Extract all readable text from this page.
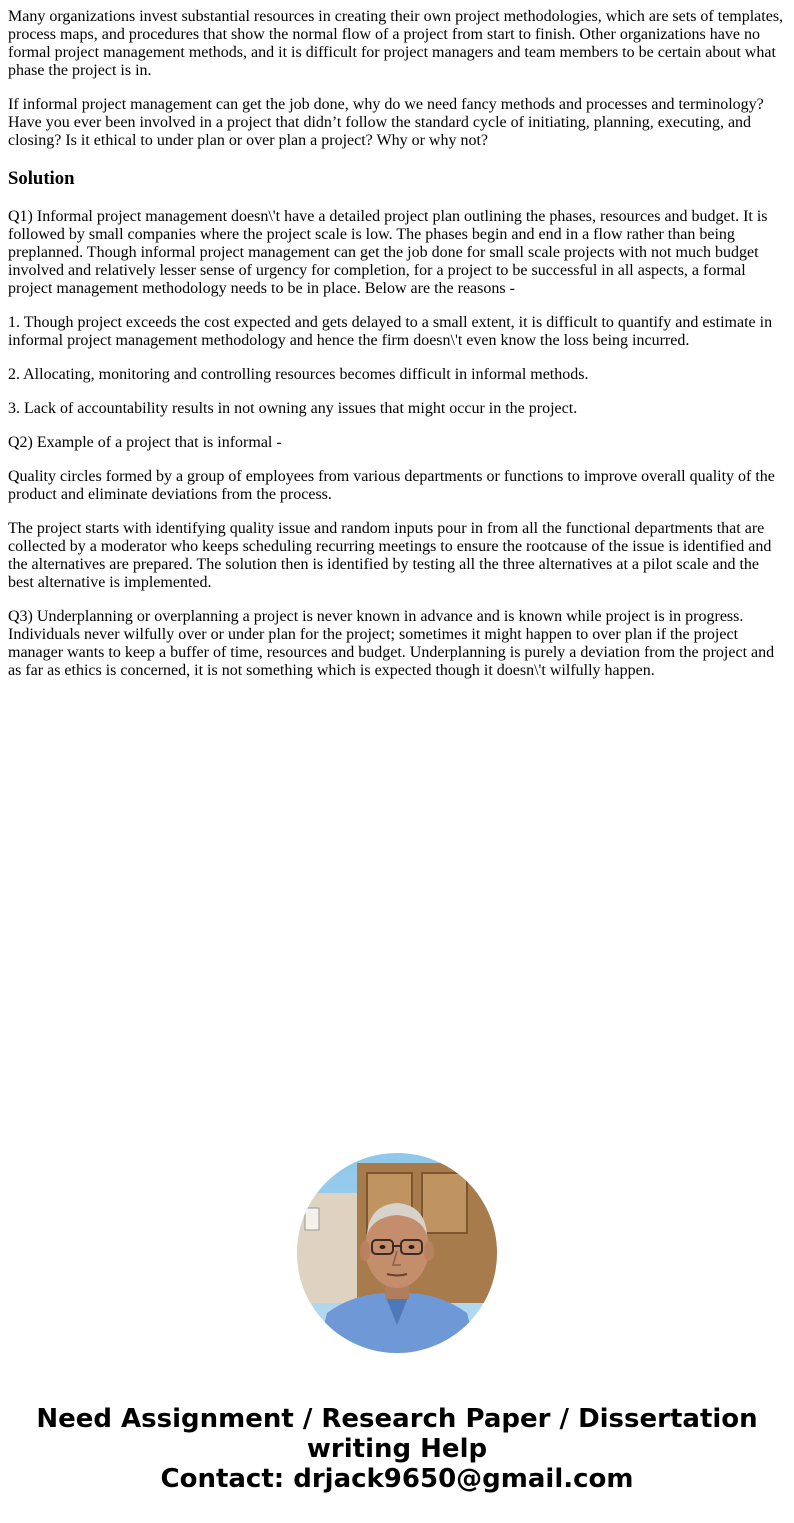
Many organizations invest substantial resources in creating their own project methodologies, which are sets of templates, process maps, and procedures that show the normal flow of a project from start to finish. Other organizations have no formal project management methods, and it is difficult for project managers and team members to be certain about what phase the project is in.

If informal project management can get the job done, why do we need fancy methods and processes and terminology? Have you ever been involved in a project that didn’t follow the standard cycle of initiating, planning, executing, and closing? Is it ethical to under plan or over plan a project? Why or why not?

Solution

Q1) Informal project management doesn\'t have a detailed project plan outlining the phases, resources and budget. It is followed by small companies where the project scale is low. The phases begin and end in a flow rather than being preplanned. Though informal project management can get the job done for small scale projects with not much budget involved and relatively lesser sense of urgency for completion, for a project to be successful in all aspects, a formal project management methodology needs to be in place. Below are the reasons -

1. Though project exceeds the cost expected and gets delayed to a small extent, it is difficult to quantify and estimate in informal project management methodology and hence the firm doesn\'t even know the loss being incurred.

2. Allocating, monitoring and controlling resources becomes difficult in informal methods.

3. Lack of accountability results in not owning any issues that might occur in the project.

Q2) Example of a project that is informal -

Quality circles formed by a group of employees from various departments or functions to improve overall quality of the product and eliminate deviations from the process.

The project starts with identifying quality issue and random inputs pour in from all the functional departments that are collected by a moderator who keeps scheduling recurring meetings to ensure the rootcause of the issue is identified and the alternatives are prepared. The solution then is identified by testing all the three alternatives at a pilot scale and the best alternative is implemented.

Q3) Underplanning or overplanning a project is never known in advance and is known while project is in progress. Individuals never wilfully over or under plan for the project; sometimes it might happen to over plan if the project manager wants to keep a buffer of time, resources and budget. Underplanning is purely a deviation from the project and as far as ethics is concerned, it is not something which is expected though it doesn\'t wilfully happen.

Need Assignment / Research Paper / Dissertation
writing Help
Contact: drjack9650@gmail.com
